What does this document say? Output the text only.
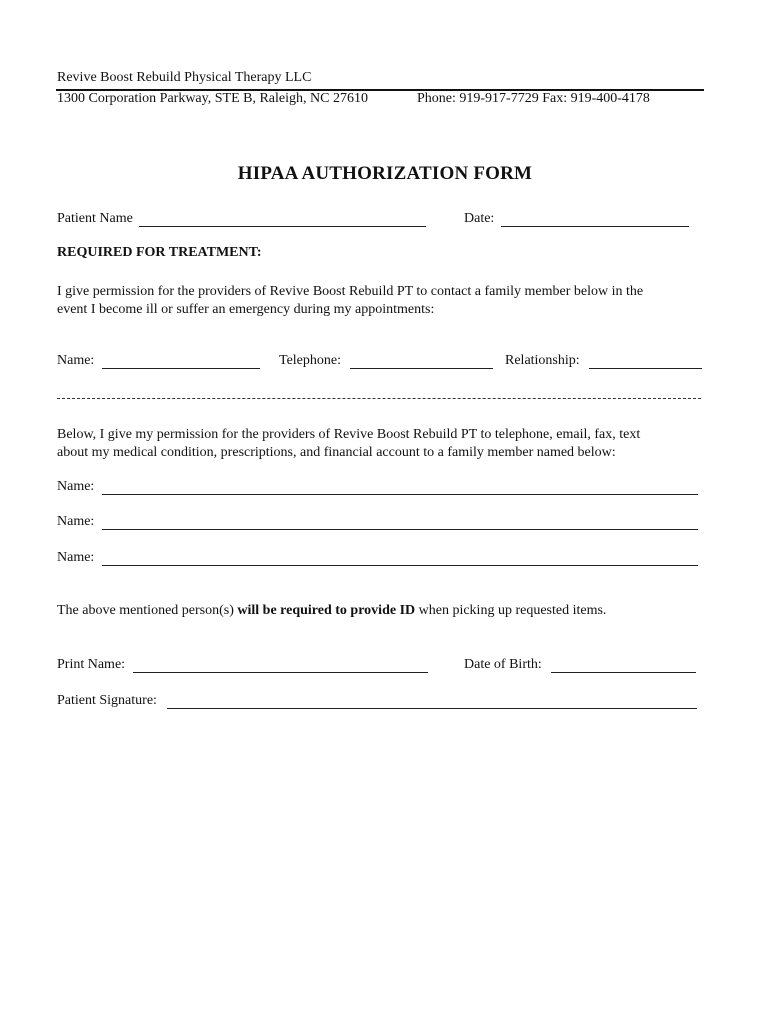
Revive Boost Rebuild Physical Therapy LLC
1300 Corporation Parkway, STE B, Raleigh, NC 27610	Phone: 919-917-7729 Fax: 919-400-4178
HIPAA AUTHORIZATION FORM
Patient Name	Date:
REQUIRED FOR TREATMENT:
I give permission for the providers of Revive Boost Rebuild PT to contact a family member below in the
event I become ill or suffer an emergency during my appointments:
Name:	Telephone:	Relationship:
Below, I give my permission for the providers of Revive Boost Rebuild PT to telephone, email, fax, text
about my medical condition, prescriptions, and financial account to a family member named below:
Name:
Name:
Name:
The above mentioned person(s) will be required to provide ID when picking up requested items.
Print Name:	Date of Birth:
Patient Signature:
